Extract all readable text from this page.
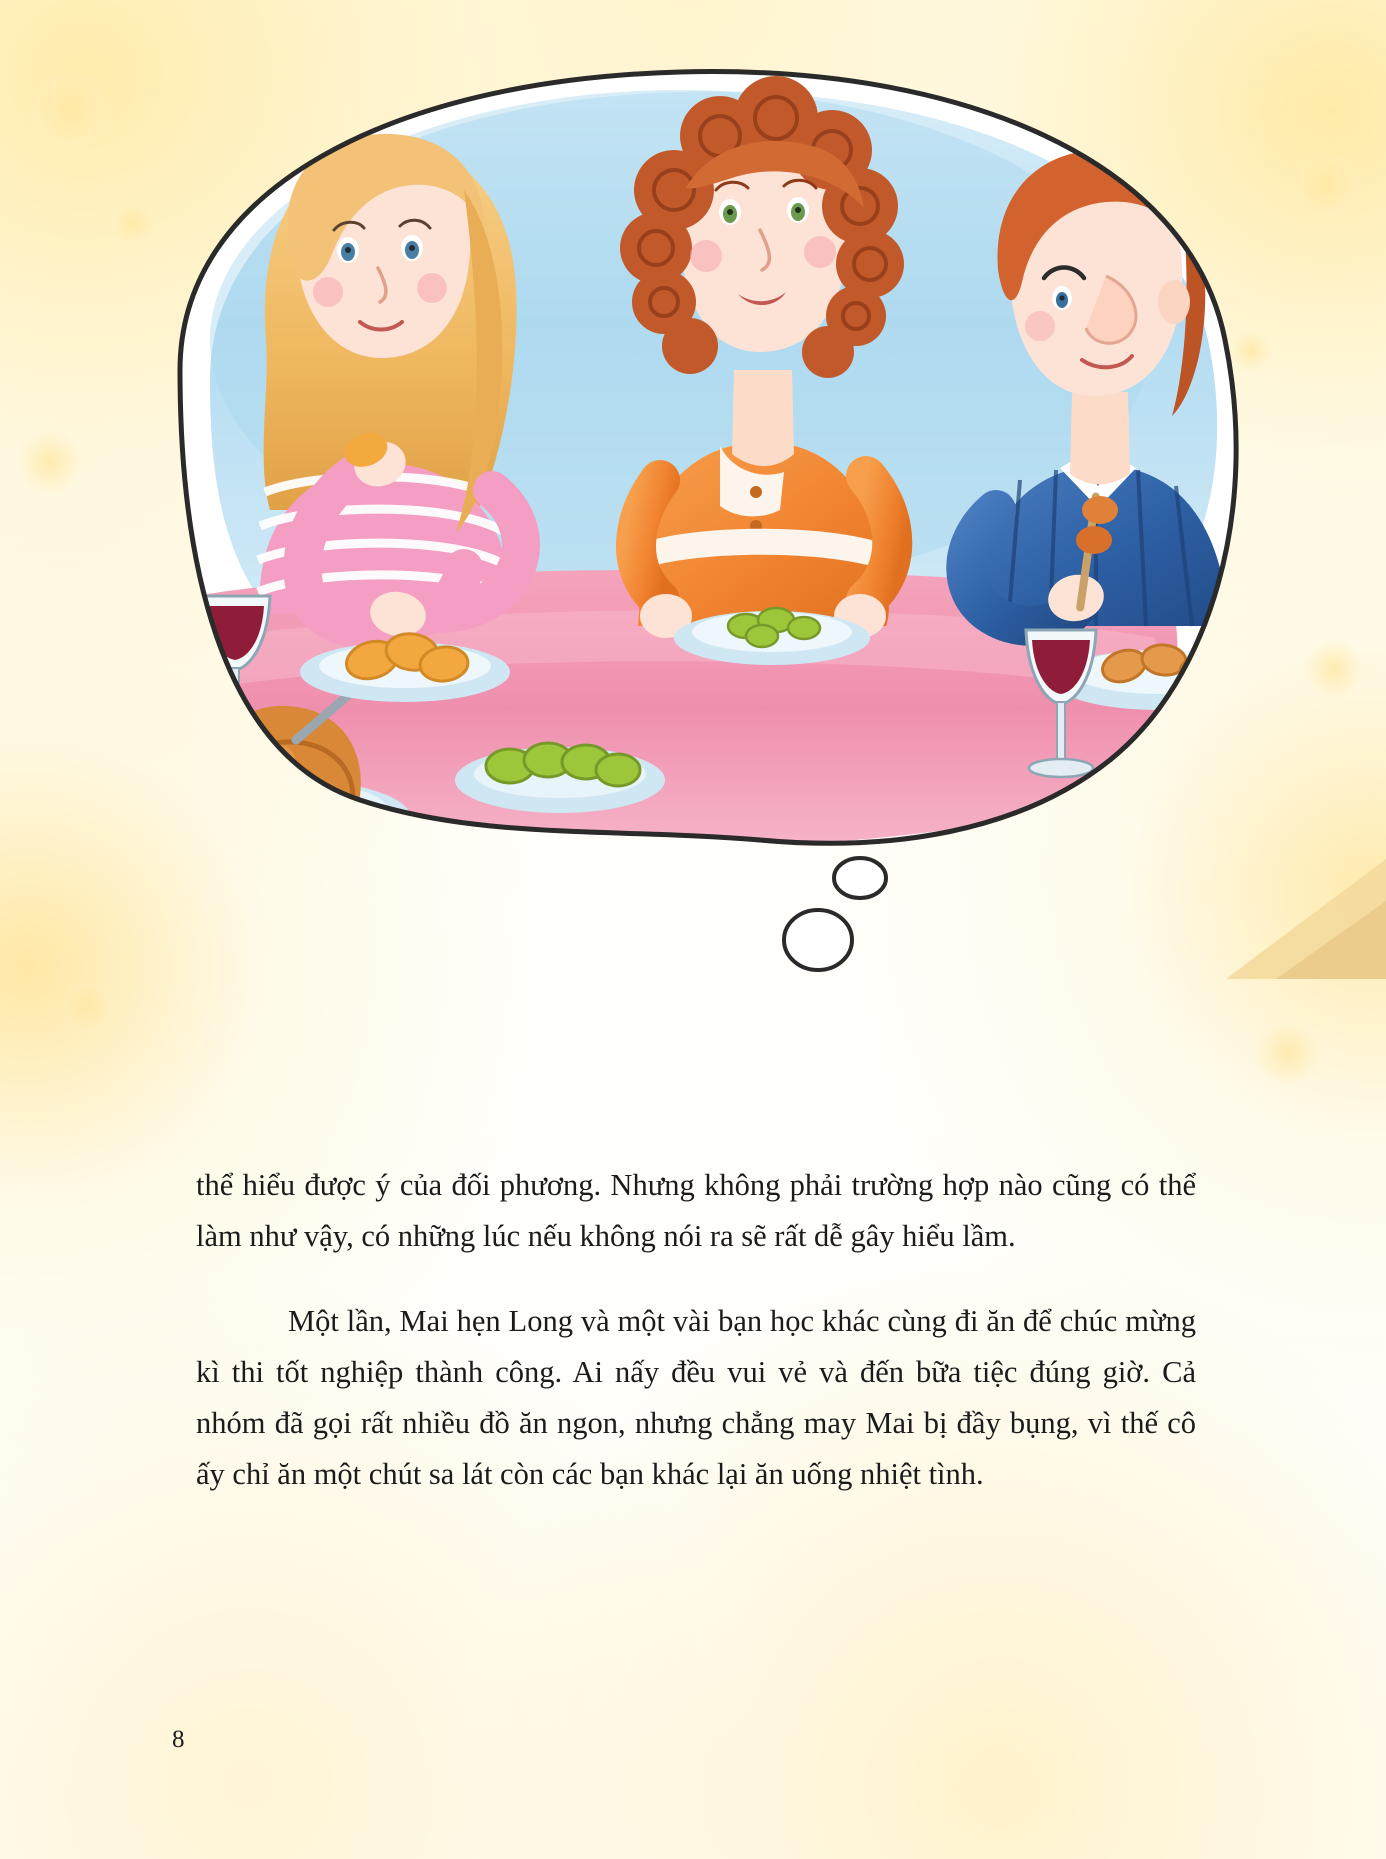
thể hiểu được ý của đối phương. Nhưng không phải trường hợp nào cũng có thể làm như vậy, có những lúc nếu không nói ra sẽ rất dễ gây hiểu lầm.

Một lần, Mai hẹn Long và một vài bạn học khác cùng đi ăn để chúc mừng kì thi tốt nghiệp thành công. Ai nấy đều vui vẻ và đến bữa tiệc đúng giờ. Cả nhóm đã gọi rất nhiều đồ ăn ngon, nhưng chẳng may Mai bị đầy bụng, vì thế cô ấy chỉ ăn một chút sa lát còn các bạn khác lại ăn uống nhiệt tình.

8
